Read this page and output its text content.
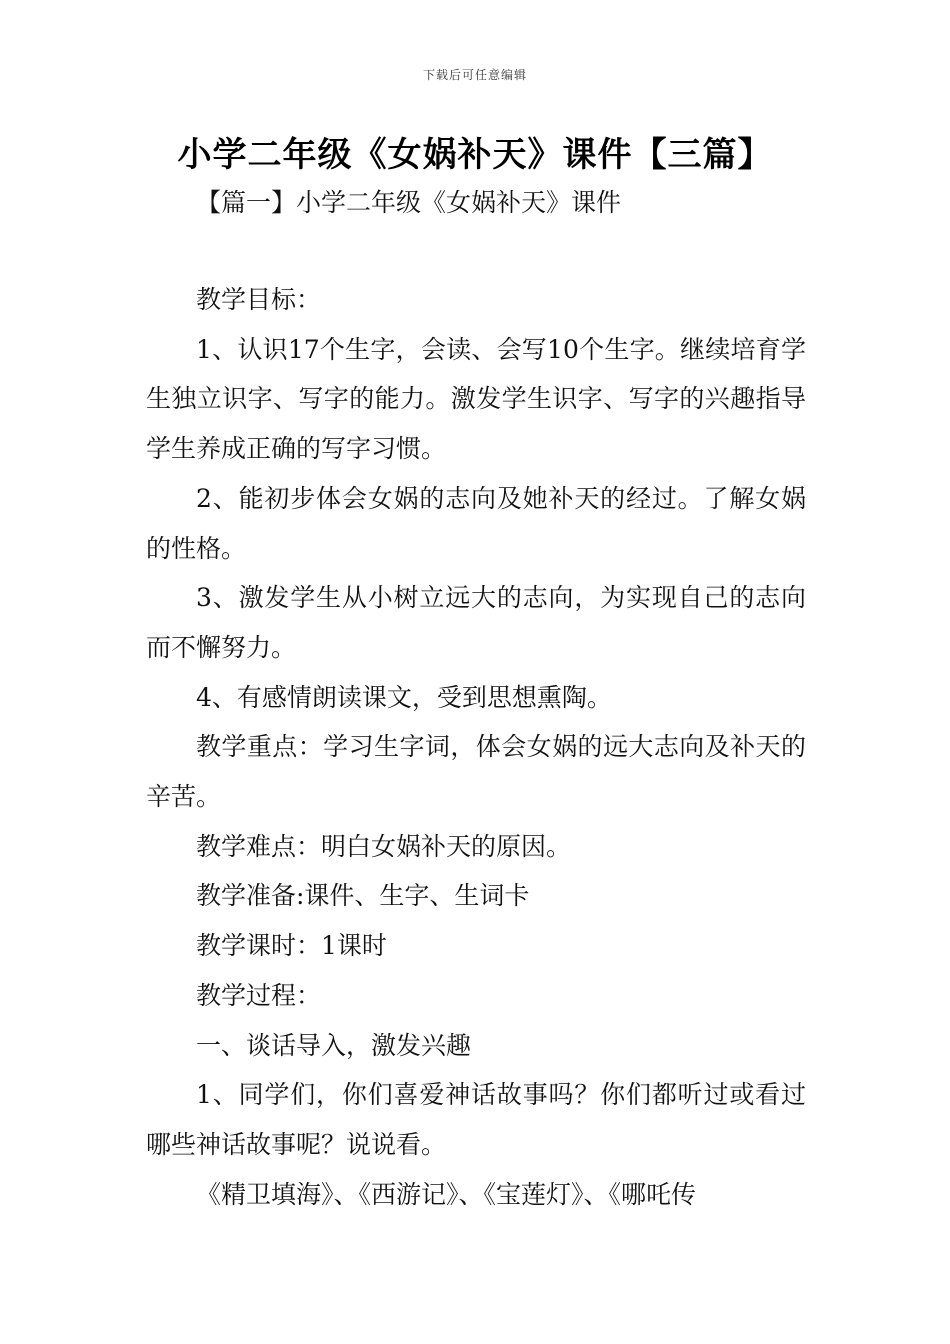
下载后可任意编辑
小学二年级《女娲补天》课件【三篇】
【篇一】小学二年级《女娲补天》课件

教学目标：

1、认识17个生字，会读、会写10个生字。继续培育学生独立识字、写字的能力。激发学生识字、写字的兴趣指导学生养成正确的写字习惯。

2、能初步体会女娲的志向及她补天的经过。了解女娲的性格。

3、激发学生从小树立远大的志向，为实现自己的志向而不懈努力。

4、有感情朗读课文，受到思想熏陶。

教学重点：学习生字词，体会女娲的远大志向及补天的辛苦。

教学难点：明白女娲补天的原因。

教学准备:课件、生字、生词卡

教学课时：1课时

教学过程：

一、谈话导入，激发兴趣

1、同学们，你们喜爱神话故事吗？你们都听过或看过哪些神话故事呢？说说看。

《精卫填海》、《西游记》、《宝莲灯》、《哪吒传
